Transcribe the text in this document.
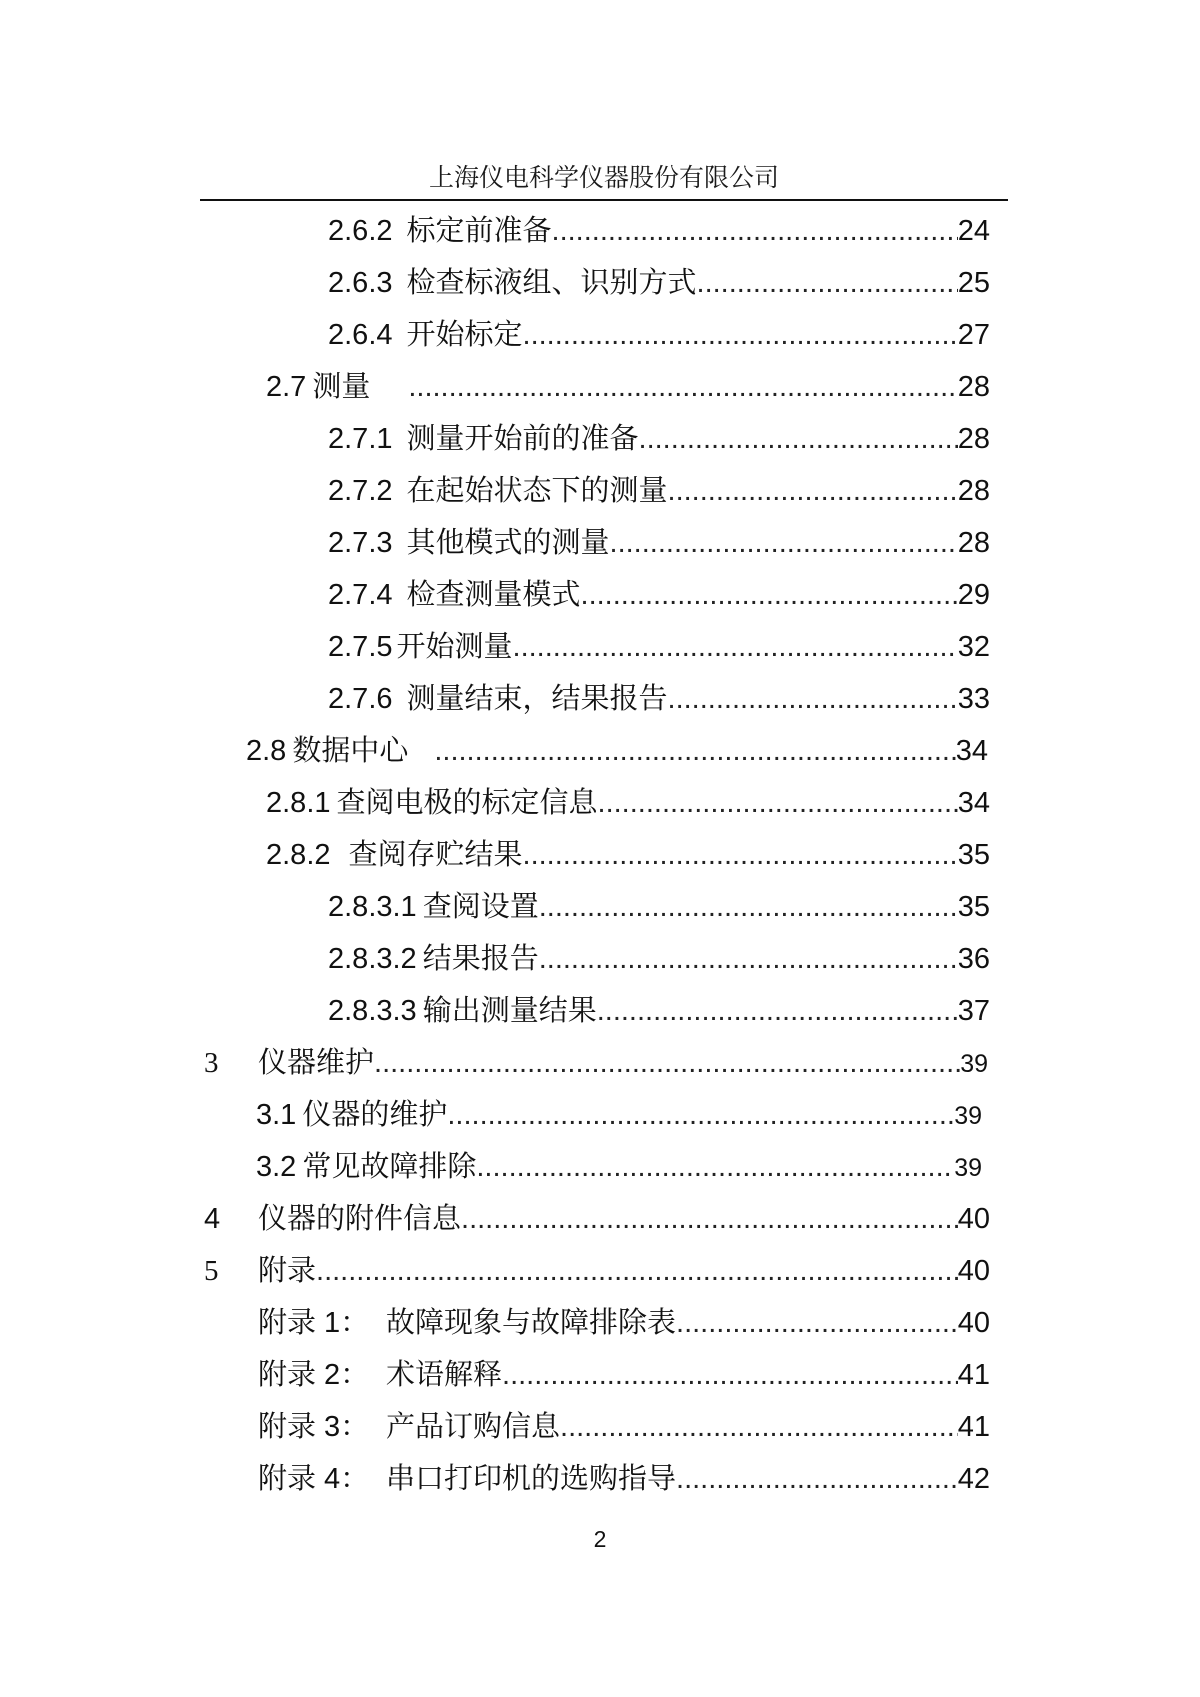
上海仪电科学仪器股份有限公司
2.6.2 标定前准备 .....	24
2.6.3 检查标液组、识别方式 .....	25
2.6.4 开始标定 .....	27
2.7 测量 .....	28
2.7.1 测量开始前的准备 .....	28
2.7.2 在起始状态下的测量 .....	28
2.7.3 其他模式的测量 .....	28
2.7.4 检查测量模式 .....	29
2.7.5 开始测量 .....	32
2.7.6 测量结束，结果报告 .....	33
2.8 数据中心 .....	34
2.8.1 查阅电极的标定信息 .....	34
2.8.2 查阅存贮结果 .....	35
2.8.3.1 查阅设置 .....	35
2.8.3.2 结果报告 .....	36
2.8.3.3 输出测量结果 .....	37
3	仪器维护 .....	39
3.1 仪器的维护 .....	39
3.2 常见故障排除 .....	39
4	仪器的附件信息 .....	40
5	附录 .....	40
附录 1： 故障现象与故障排除表 .....	40
附录 2： 术语解释 .....	41
附录 3： 产品订购信息 .....	41
附录 4： 串口打印机的选购指导 .....	42
2
